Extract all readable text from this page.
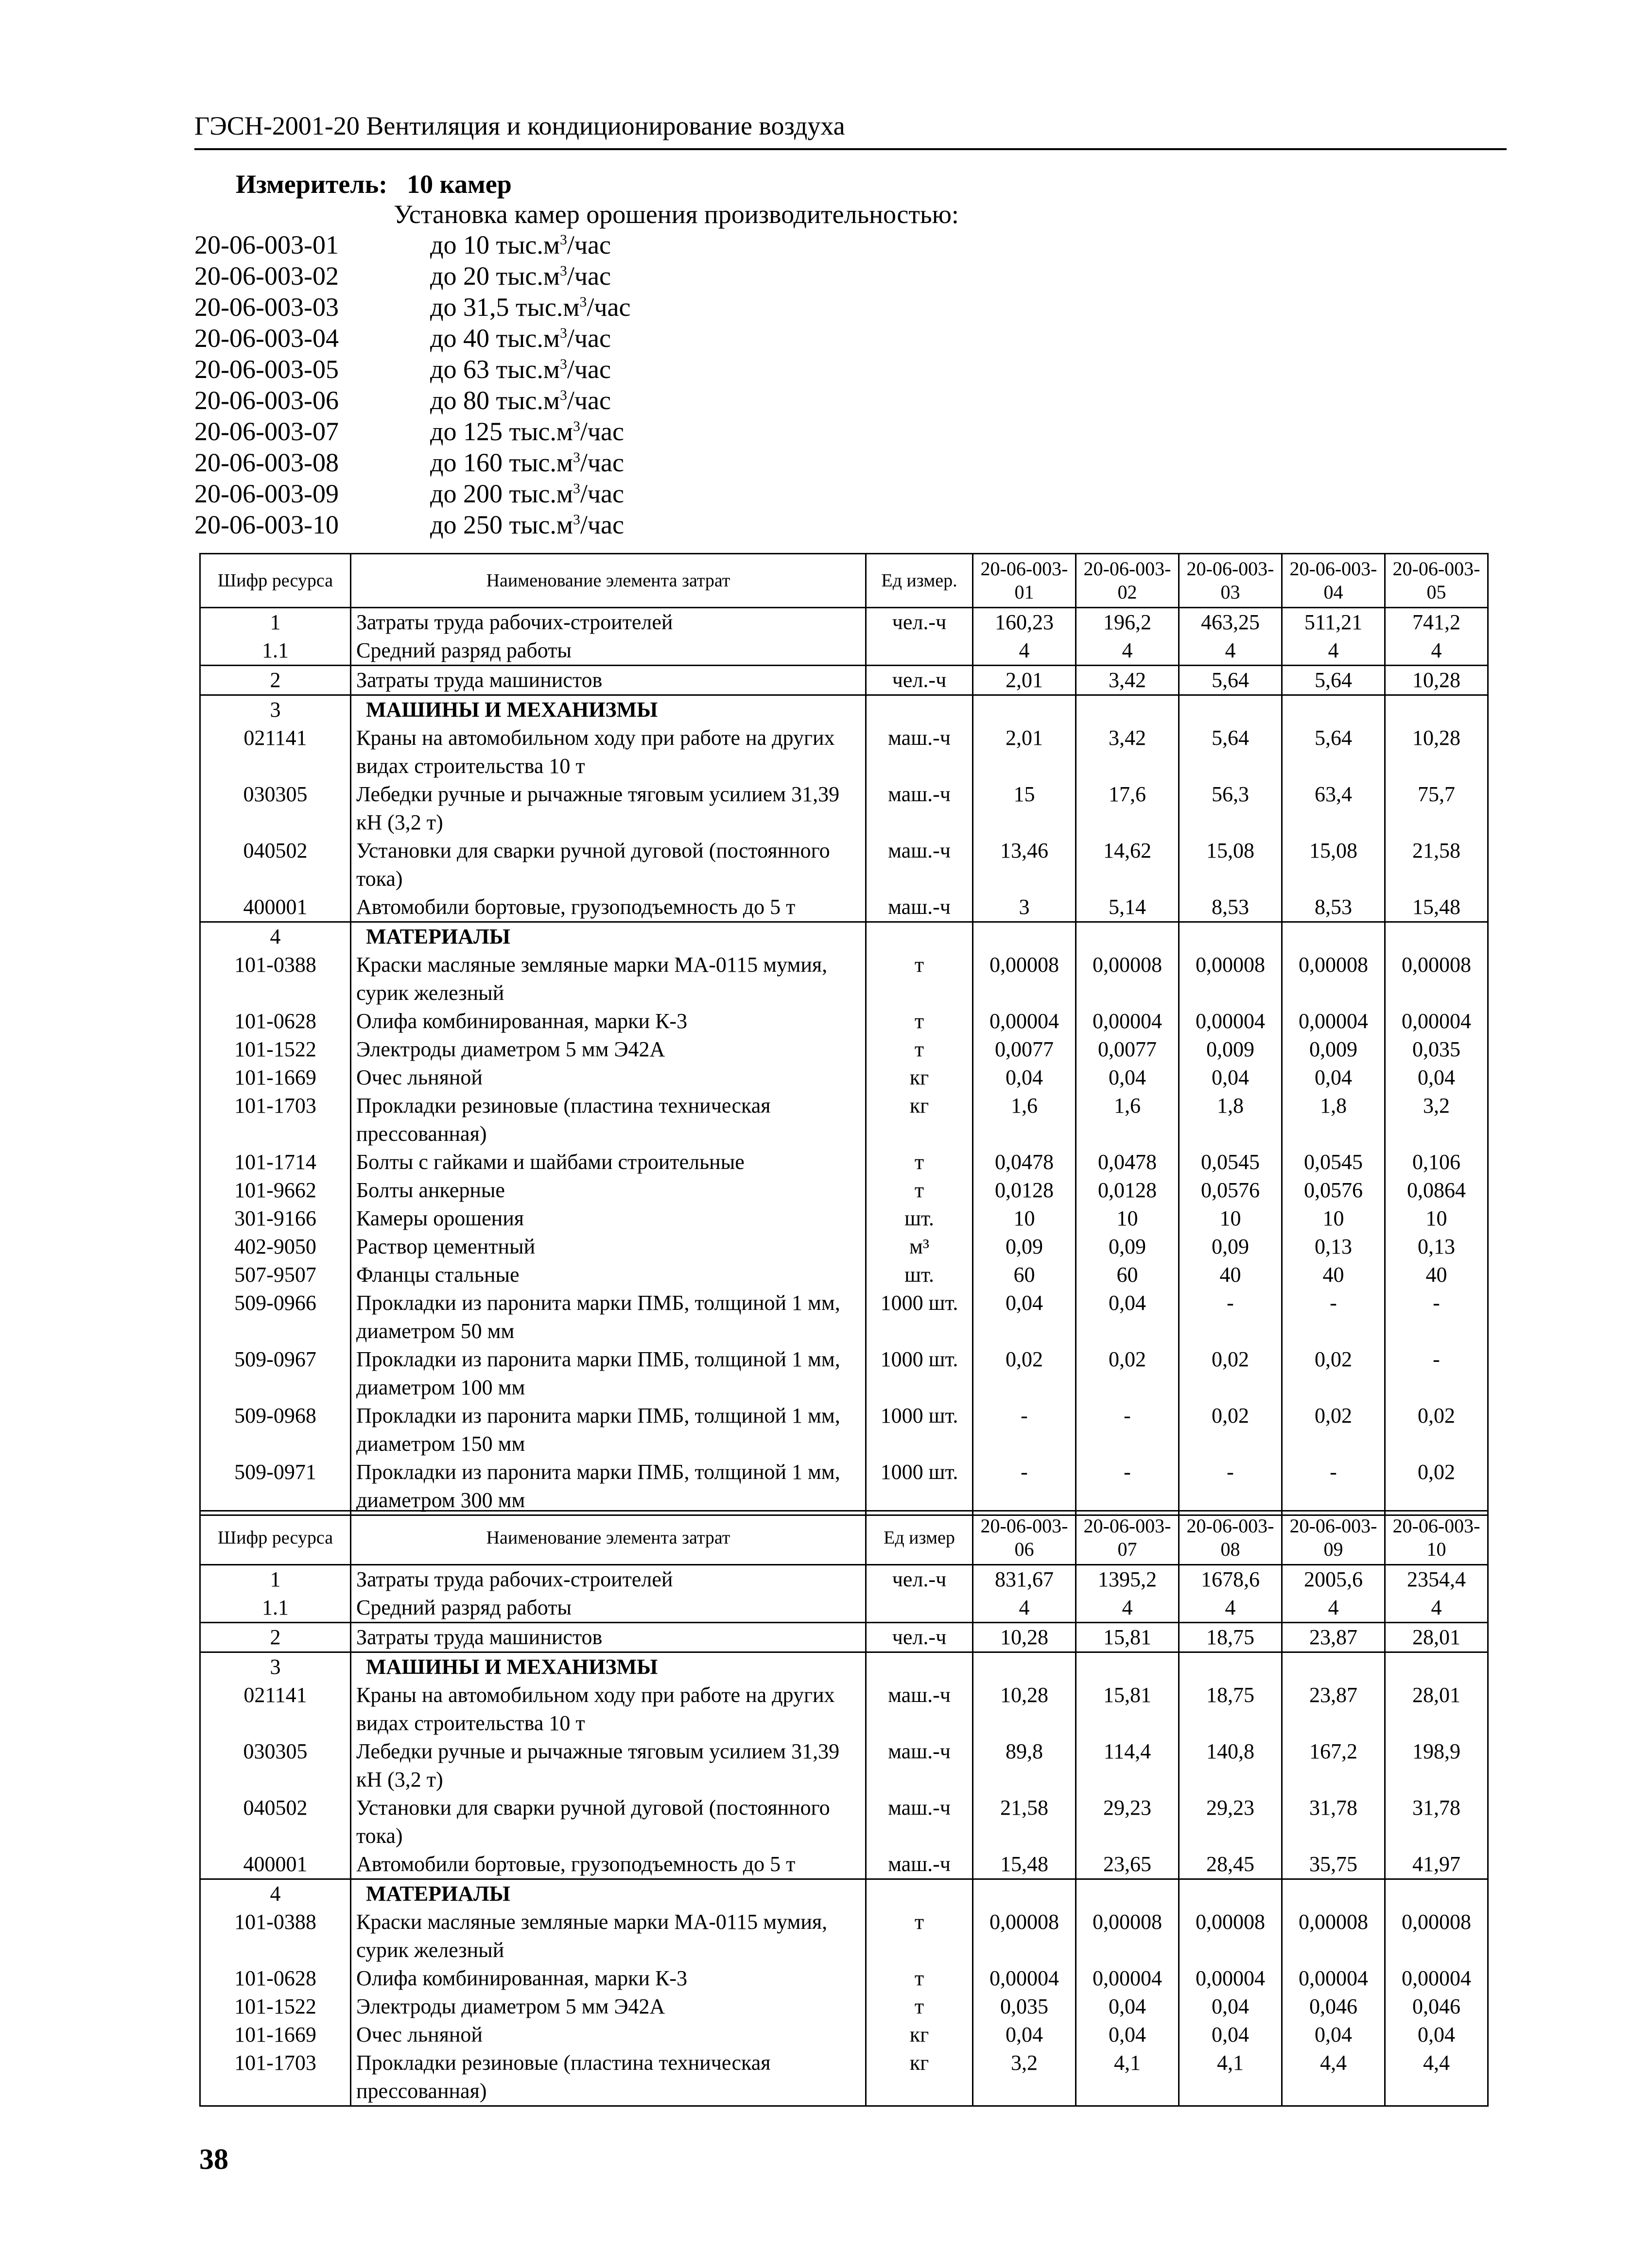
ГЭСН-2001-20 Вентиляция и кондиционирование воздуха
Измеритель: 10 камер
Установка камер орошения производительностью:
20-06-003-01	до 10 $тыс.м^3$/час
20-06-003-02	до 20 $тыс.м^3$/час
20-06-003-03	до 31,5 $тыс.м^3$/час
20-06-003-04	до 40 $тыс.м^3$/час
20-06-003-05	до 63 $тыс.м^3$/час
20-06-003-06	до 80 $тыс.м^3$/час
20-06-003-07	до 125 $тыс.м^3$/час
20-06-003-08	до 160 $тыс.м^3$/час
20-06-003-09	до 200 $тыс.м^3$/час
20-06-003-10	до 250 $тыс.м^3$/час
Шифр ресурса	Наименование элемента затрат	Ед измер.	20-06-003-01	20-06-003-02	20-06-003-03	20-06-003-04	20-06-003-05
1	Затраты труда рабочих-строителей	чел.-ч	160,23	196,2	463,25	511,21	741,2
1.1	Средний разряд работы		4	4	4	4	4
2	Затраты труда машинистов	чел.-ч	2,01	3,42	5,64	5,64	10,28
3	МАШИНЫ И МЕХАНИЗМЫ						
021141	Краны на автомобильном ходу при работе на других видах строительства 10 т	маш.-ч	2,01	3,42	5,64	5,64	10,28
030305	Лебедки ручные и рычажные тяговым усилием 31,39 кН (3,2 т)	маш.-ч	15	17,6	56,3	63,4	75,7
040502	Установки для сварки ручной дуговой (постоянного тока)	маш.-ч	13,46	14,62	15,08	15,08	21,58
400001	Автомобили бортовые, грузоподъемность до 5 т	маш.-ч	3	5,14	8,53	8,53	15,48
4	МАТЕРИАЛЫ						
101-0388	Краски масляные земляные марки МА-0115 мумия, сурик железный	т	0,00008	0,00008	0,00008	0,00008	0,00008
101-0628	Олифа комбинированная, марки К-3	т	0,00004	0,00004	0,00004	0,00004	0,00004
101-1522	Электроды диаметром 5 мм Э42А	т	0,0077	0,0077	0,009	0,009	0,035
101-1669	Очес льняной	кг	0,04	0,04	0,04	0,04	0,04
101-1703	Прокладки резиновые (пластина техническая прессованная)	кг	1,6	1,6	1,8	1,8	3,2
101-1714	Болты с гайками и шайбами строительные	т	0,0478	0,0478	0,0545	0,0545	0,106
101-9662	Болты анкерные	т	0,0128	0,0128	0,0576	0,0576	0,0864
301-9166	Камеры орошения	шт.	10	10	10	10	10
402-9050	Раствор цементный	м³	0,09	0,09	0,09	0,13	0,13
507-9507	Фланцы стальные	шт.	60	60	40	40	40
509-0966	Прокладки из паронита марки ПМБ, толщиной 1 мм, диаметром 50 мм	1000 шт.	0,04	0,04	-	-	-
509-0967	Прокладки из паронита марки ПМБ, толщиной 1 мм, диаметром 100 мм	1000 шт.	0,02	0,02	0,02	0,02	-
509-0968	Прокладки из паронита марки ПМБ, толщиной 1 мм, диаметром 150 мм	1000 шт.	-	-	0,02	0,02	0,02
509-0971	Прокладки из паронита марки ПМБ, толщиной 1 мм, диаметром 300 мм	1000 шт.	-	-	-	-	0,02
Шифр ресурса	Наименование элемента затрат	Ед измер	20-06-003-06	20-06-003-07	20-06-003-08	20-06-003-09	20-06-003-10
1	Затраты труда рабочих-строителей	чел.-ч	831,67	1395,2	1678,6	2005,6	2354,4
1.1	Средний разряд работы		4	4	4	4	4
2	Затраты труда машинистов	чел.-ч	10,28	15,81	18,75	23,87	28,01
3	МАШИНЫ И МЕХАНИЗМЫ						
021141	Краны на автомобильном ходу при работе на других видах строительства 10 т	маш.-ч	10,28	15,81	18,75	23,87	28,01
030305	Лебедки ручные и рычажные тяговым усилием 31,39 кН (3,2 т)	маш.-ч	89,8	114,4	140,8	167,2	198,9
040502	Установки для сварки ручной дуговой (постоянного тока)	маш.-ч	21,58	29,23	29,23	31,78	31,78
400001	Автомобили бортовые, грузоподъемность до 5 т	маш.-ч	15,48	23,65	28,45	35,75	41,97
4	МАТЕРИАЛЫ						
101-0388	Краски масляные земляные марки МА-0115 мумия, сурик железный	т	0,00008	0,00008	0,00008	0,00008	0,00008
101-0628	Олифа комбинированная, марки К-3	т	0,00004	0,00004	0,00004	0,00004	0,00004
101-1522	Электроды диаметром 5 мм Э42А	т	0,035	0,04	0,04	0,046	0,046
101-1669	Очес льняной	кг	0,04	0,04	0,04	0,04	0,04
101-1703	Прокладки резиновые (пластина техническая прессованная)	кг	3,2	4,1	4,1	4,4	4,4
38
